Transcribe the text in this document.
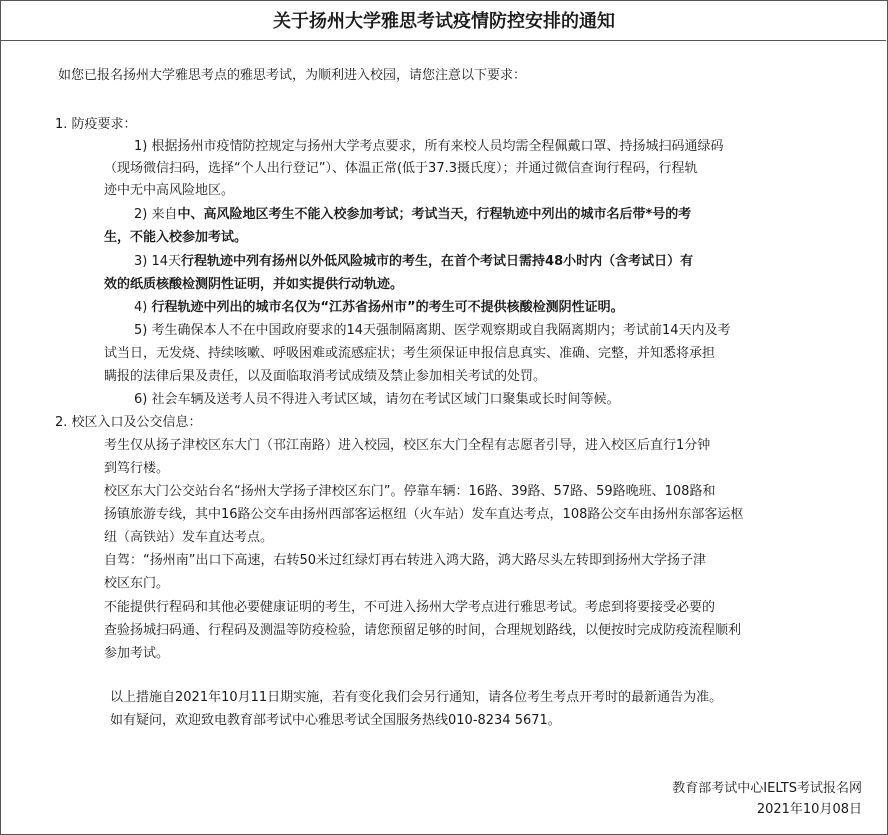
关于扬州大学雅思考试疫情防控安排的通知
如您已报名扬州大学雅思考点的雅思考试，为顺利进入校园，请您注意以下要求：
1. 防疫要求：
1) 根据扬州市疫情防控规定与扬州大学考点要求，所有来校人员均需全程佩戴口罩、持扬城扫码通绿码
（现场微信扫码，选择“个人出行登记”）、体温正常(低于37.3摄氏度）；并通过微信查询行程码，行程轨
迹中无中高风险地区。
2) 来自中、高风险地区考生不能入校参加考试；考试当天，行程轨迹中列出的城市名后带*号的考
生，不能入校参加考试。
3) 14天行程轨迹中列有扬州以外低风险城市的考生，在首个考试日需持48小时内（含考试日）有
效的纸质核酸检测阴性证明，并如实提供行动轨迹。
4) 行程轨迹中列出的城市名仅为“江苏省扬州市”的考生可不提供核酸检测阴性证明。
5) 考生确保本人不在中国政府要求的14天强制隔离期、医学观察期或自我隔离期内；考试前14天内及考
试当日，无发烧、持续咳嗽、呼吸困难或流感症状；考生须保证申报信息真实、准确、完整，并知悉将承担
瞒报的法律后果及责任，以及面临取消考试成绩及禁止参加相关考试的处罚。
6) 社会车辆及送考人员不得进入考试区域，请勿在考试区域门口聚集或长时间等候。
2. 校区入口及公交信息：
考生仅从扬子津校区东大门（邗江南路）进入校园，校区东大门全程有志愿者引导，进入校区后直行1分钟
到笃行楼。
校区东大门公交站台名“扬州大学扬子津校区东门”。停靠车辆：16路、39路、57路、59路晚班、108路和
扬镇旅游专线，其中16路公交车由扬州西部客运枢纽（火车站）发车直达考点，108路公交车由扬州东部客运枢
纽（高铁站）发车直达考点。
自驾：“扬州南”出口下高速，右转50米过红绿灯再右转进入鸿大路，鸿大路尽头左转即到扬州大学扬子津
校区东门。
不能提供行程码和其他必要健康证明的考生，不可进入扬州大学考点进行雅思考试。考虑到将要接受必要的
查验扬城扫码通、行程码及测温等防疫检验，请您预留足够的时间，合理规划路线，以便按时完成防疫流程顺利
参加考试。
以上措施自2021年10月11日期实施，若有变化我们会另行通知，请各位考生考点开考时的最新通告为准。
如有疑问，欢迎致电教育部考试中心雅思考试全国服务热线010-8234 5671。
教育部考试中心IELTS考试报名网
2021年10月08日
